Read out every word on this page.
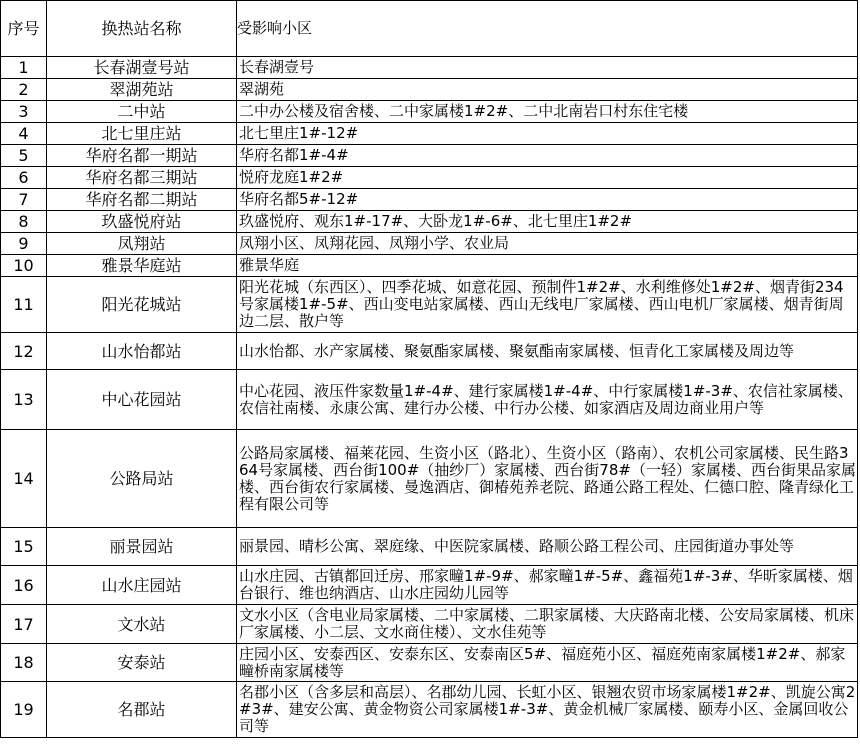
序号	换热站名称	受影响小区
1	长春湖壹号站	长春湖壹号
2	翠湖苑站	翠湖苑
3	二中站	二中办公楼及宿舍楼、二中家属楼1#2#、二中北南岩口村东住宅楼
4	北七里庄站	北七里庄1#-12#
5	华府名都一期站	华府名都1#-4#
6	华府名都三期站	悦府龙庭1#2#
7	华府名都二期站	华府名都5#-12#
8	玖盛悦府站	玖盛悦府、观东1#-17#、大卧龙1#-6#、北七里庄1#2#
9	凤翔站	凤翔小区、凤翔花园、凤翔小学、农业局
10	雅景华庭站	雅景华庭
11	阳光花城站	阳光花城（东西区）、四季花城、如意花园、预制件1#2#、水利维修处1#2#、烟青街234号家属楼1#-5#、西山变电站家属楼、西山无线电厂家属楼、西山电机厂家属楼、烟青街周边二层、散户等
12	山水怡都站	山水怡都、水产家属楼、聚氨酯家属楼、聚氨酯南家属楼、恒青化工家属楼及周边等
13	中心花园站	中心花园、液压件家数量1#-4#、建行家属楼1#-4#、中行家属楼1#-3#、农信社家属楼、农信社南楼、永康公寓、建行办公楼、中行办公楼、如家酒店及周边商业用户等
14	公路局站	公路局家属楼、福莱花园、生资小区（路北）、生资小区（路南）、农机公司家属楼、民生路364号家属楼、西台街100#（抽纱厂）家属楼、西台街78#（一轻）家属楼、西台街果品家属楼、西台街农行家属楼、曼逸酒店、御椿苑养老院、路通公路工程处、仁德口腔、隆青绿化工程有限公司等
15	丽景园站	丽景园、晴杉公寓、翠庭缘、中医院家属楼、路顺公路工程公司、庄园街道办事处等
16	山水庄园站	山水庄园、古镇都回迁房、邢家疃1#-9#、郝家疃1#-5#、鑫福苑1#-3#、华昕家属楼、烟台银行、维也纳酒店、山水庄园幼儿园等
17	文水站	文水小区（含电业局家属楼、二中家属楼、二职家属楼、大庆路南北楼、公安局家属楼、机床厂家属楼、小二层、文水商住楼）、文水佳苑等
18	安泰站	庄园小区、安泰西区、安泰东区、安泰南区5#、福庭苑小区、福庭苑南家属楼1#2#、郝家疃桥南家属楼等
19	名郡站	名郡小区（含多层和高层）、名郡幼儿园、长虹小区、银翘农贸市场家属楼1#2#、凯旋公寓2#3#、建安公寓、黄金物资公司家属楼1#-3#、黄金机械厂家属楼、颐寿小区、金属回收公司等
